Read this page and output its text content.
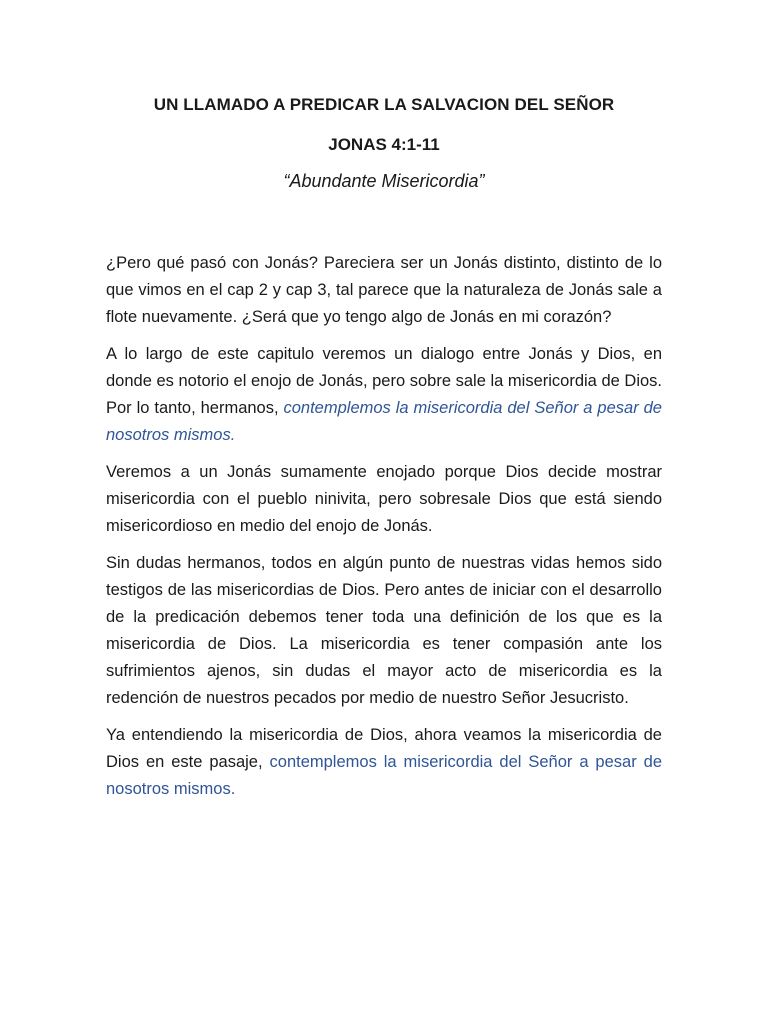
UN LLAMADO A PREDICAR LA SALVACION DEL SEÑOR

JONAS 4:1-11

“Abundante Misericordia”

¿Pero qué pasó con Jonás? Pareciera ser un Jonás distinto, distinto de lo que vimos en el cap 2 y cap 3, tal parece que la naturaleza de Jonás sale a flote nuevamente. ¿Será que yo tengo algo de Jonás en mi corazón?

A lo largo de este capitulo veremos un dialogo entre Jonás y Dios, en donde es notorio el enojo de Jonás, pero sobre sale la misericordia de Dios. Por lo tanto, hermanos, contemplemos la misericordia del Señor a pesar de nosotros mismos.

Veremos a un Jonás sumamente enojado porque Dios decide mostrar misericordia con el pueblo ninivita, pero sobresale Dios que está siendo misericordioso en medio del enojo de Jonás.

Sin dudas hermanos, todos en algún punto de nuestras vidas hemos sido testigos de las misericordias de Dios. Pero antes de iniciar con el desarrollo de la predicación debemos tener toda una definición de los que es la misericordia de Dios. La misericordia es tener compasión ante los sufrimientos ajenos, sin dudas el mayor acto de misericordia es la redención de nuestros pecados por medio de nuestro Señor Jesucristo.

Ya entendiendo la misericordia de Dios, ahora veamos la misericordia de Dios en este pasaje, contemplemos la misericordia del Señor a pesar de nosotros mismos.
